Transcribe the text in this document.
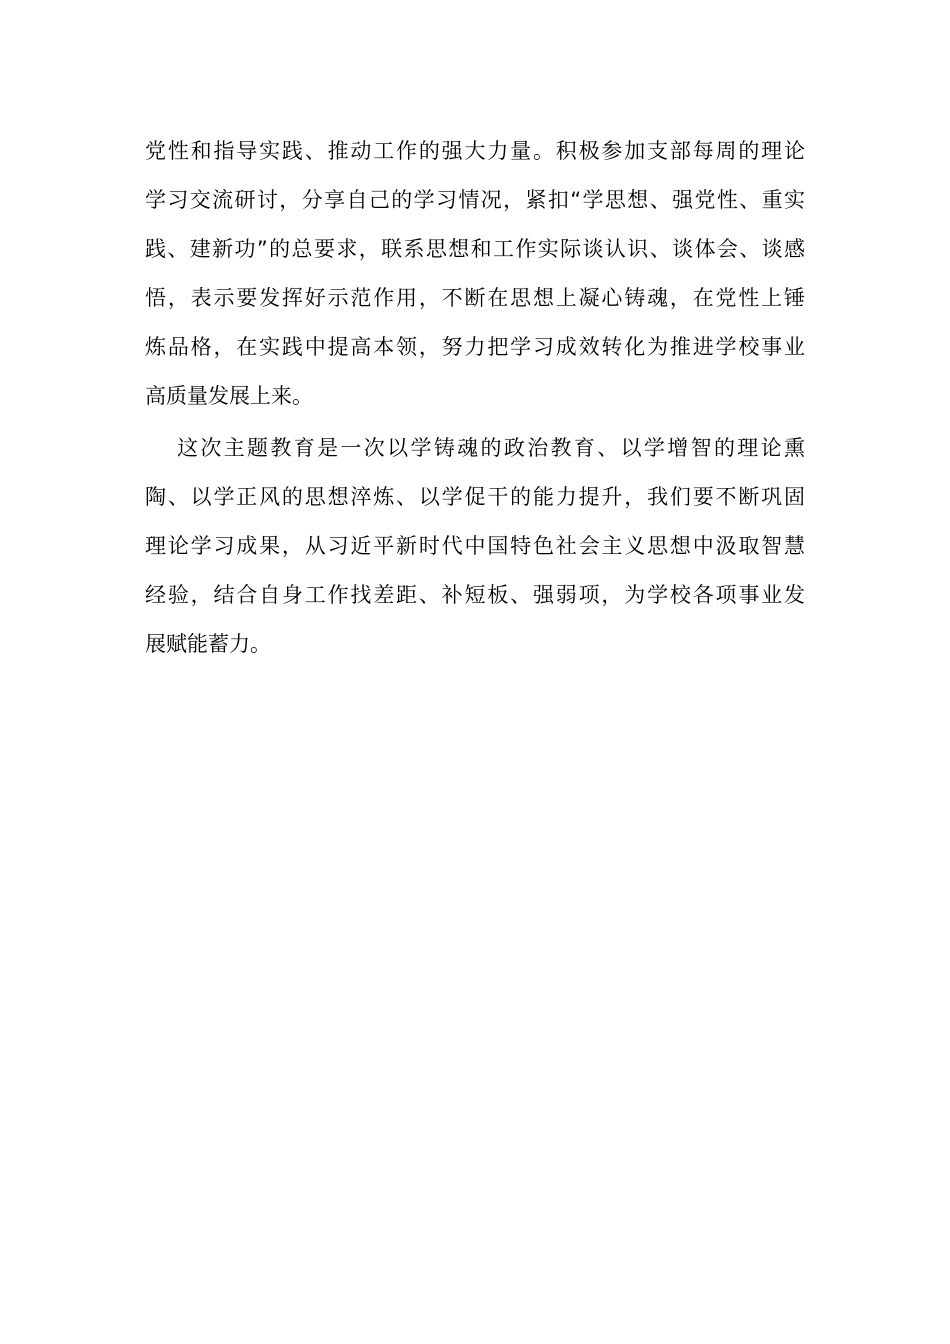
党性和指导实践、推动工作的强大力量。积极参加支部每周的理论
学习交流研讨，分享自己的学习情况，紧扣“学思想、强党性、重实
践、建新功”的总要求，联系思想和工作实际谈认识、谈体会、谈感
悟，表示要发挥好示范作用，不断在思想上凝心铸魂，在党性上锤
炼品格，在实践中提高本领，努力把学习成效转化为推进学校事业
高质量发展上来。
这次主题教育是一次以学铸魂的政治教育、以学增智的理论熏
陶、以学正风的思想淬炼、以学促干的能力提升，我们要不断巩固
理论学习成果，从习近平新时代中国特色社会主义思想中汲取智慧
经验，结合自身工作找差距、补短板、强弱项，为学校各项事业发
展赋能蓄力。
